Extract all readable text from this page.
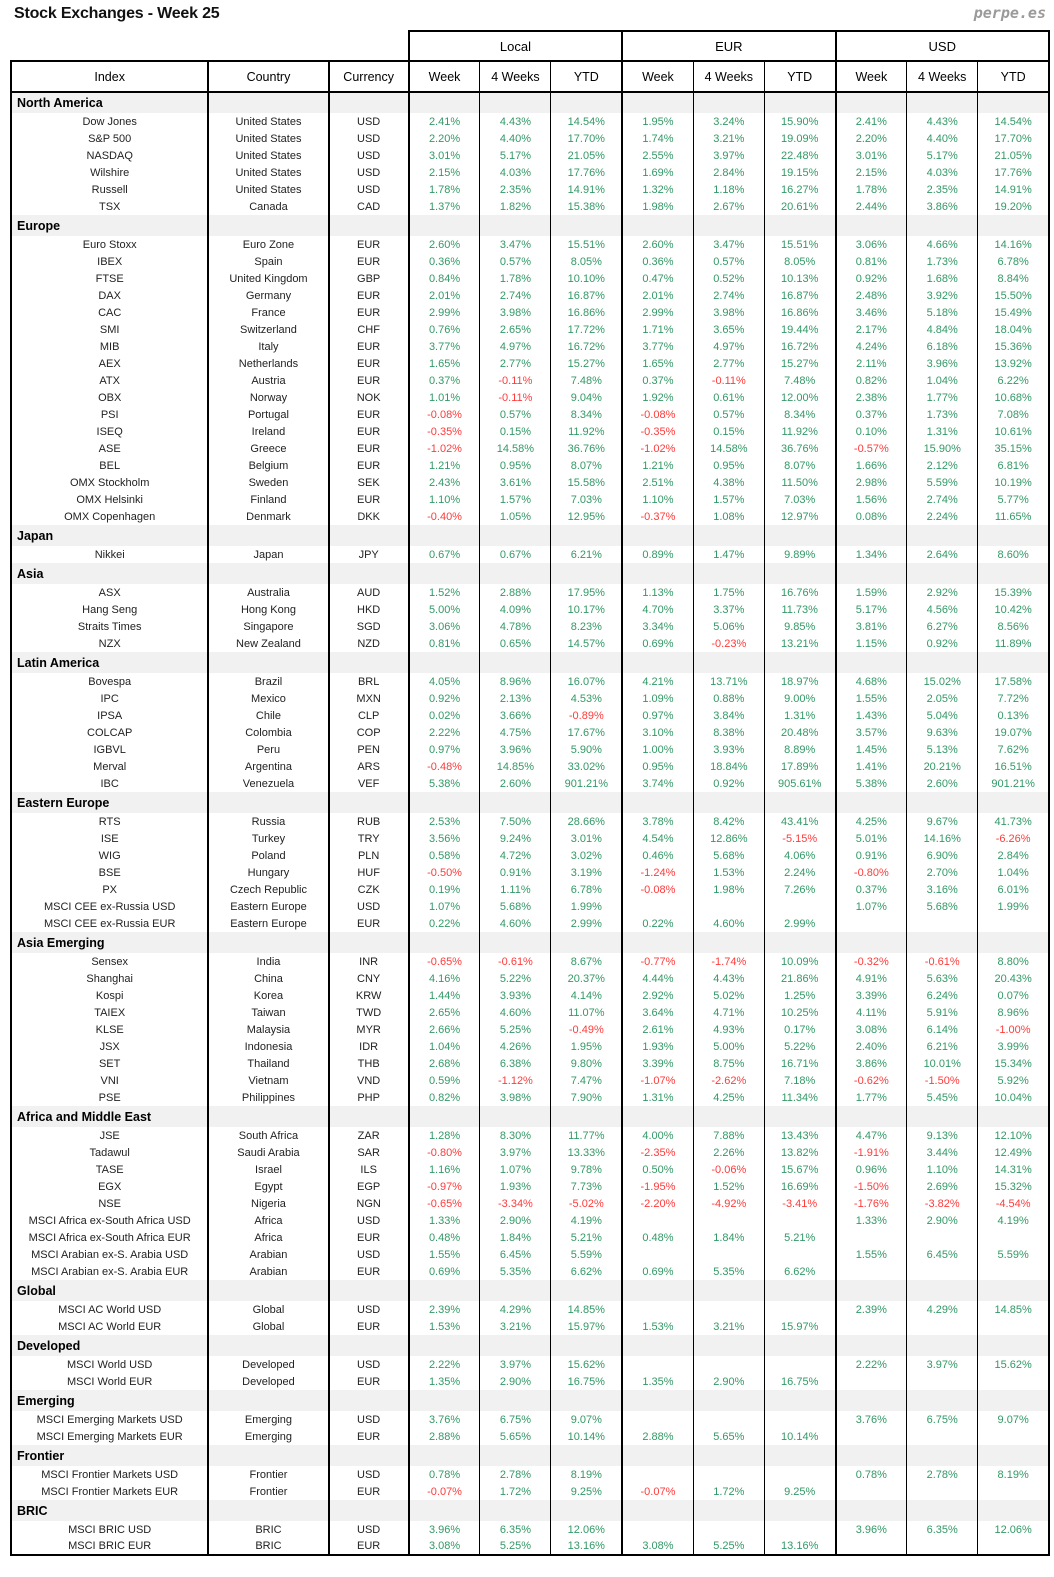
Stock Exchanges - Week 25	perpe.es
			Local			EUR			USD		
Index	Country	Currency	Week	4 Weeks	YTD	Week	4 Weeks	YTD	Week	4 Weeks	YTD
North America											
Dow Jones	United States	USD	2.41%	4.43%	14.54%	1.95%	3.24%	15.90%	2.41%	4.43%	14.54%
S&P 500	United States	USD	2.20%	4.40%	17.70%	1.74%	3.21%	19.09%	2.20%	4.40%	17.70%
NASDAQ	United States	USD	3.01%	5.17%	21.05%	2.55%	3.97%	22.48%	3.01%	5.17%	21.05%
Wilshire	United States	USD	2.15%	4.03%	17.76%	1.69%	2.84%	19.15%	2.15%	4.03%	17.76%
Russell	United States	USD	1.78%	2.35%	14.91%	1.32%	1.18%	16.27%	1.78%	2.35%	14.91%
TSX	Canada	CAD	1.37%	1.82%	15.38%	1.98%	2.67%	20.61%	2.44%	3.86%	19.20%
Europe											
Euro Stoxx	Euro Zone	EUR	2.60%	3.47%	15.51%	2.60%	3.47%	15.51%	3.06%	4.66%	14.16%
IBEX	Spain	EUR	0.36%	0.57%	8.05%	0.36%	0.57%	8.05%	0.81%	1.73%	6.78%
FTSE	United Kingdom	GBP	0.84%	1.78%	10.10%	0.47%	0.52%	10.13%	0.92%	1.68%	8.84%
DAX	Germany	EUR	2.01%	2.74%	16.87%	2.01%	2.74%	16.87%	2.48%	3.92%	15.50%
CAC	France	EUR	2.99%	3.98%	16.86%	2.99%	3.98%	16.86%	3.46%	5.18%	15.49%
SMI	Switzerland	CHF	0.76%	2.65%	17.72%	1.71%	3.65%	19.44%	2.17%	4.84%	18.04%
MIB	Italy	EUR	3.77%	4.97%	16.72%	3.77%	4.97%	16.72%	4.24%	6.18%	15.36%
AEX	Netherlands	EUR	1.65%	2.77%	15.27%	1.65%	2.77%	15.27%	2.11%	3.96%	13.92%
ATX	Austria	EUR	0.37%	-0.11%	7.48%	0.37%	-0.11%	7.48%	0.82%	1.04%	6.22%
OBX	Norway	NOK	1.01%	-0.11%	9.04%	1.92%	0.61%	12.00%	2.38%	1.77%	10.68%
PSI	Portugal	EUR	-0.08%	0.57%	8.34%	-0.08%	0.57%	8.34%	0.37%	1.73%	7.08%
ISEQ	Ireland	EUR	-0.35%	0.15%	11.92%	-0.35%	0.15%	11.92%	0.10%	1.31%	10.61%
ASE	Greece	EUR	-1.02%	14.58%	36.76%	-1.02%	14.58%	36.76%	-0.57%	15.90%	35.15%
BEL	Belgium	EUR	1.21%	0.95%	8.07%	1.21%	0.95%	8.07%	1.66%	2.12%	6.81%
OMX Stockholm	Sweden	SEK	2.43%	3.61%	15.58%	2.51%	4.38%	11.50%	2.98%	5.59%	10.19%
OMX Helsinki	Finland	EUR	1.10%	1.57%	7.03%	1.10%	1.57%	7.03%	1.56%	2.74%	5.77%
OMX Copenhagen	Denmark	DKK	-0.40%	1.05%	12.95%	-0.37%	1.08%	12.97%	0.08%	2.24%	11.65%
Japan											
Nikkei	Japan	JPY	0.67%	0.67%	6.21%	0.89%	1.47%	9.89%	1.34%	2.64%	8.60%
Asia											
ASX	Australia	AUD	1.52%	2.88%	17.95%	1.13%	1.75%	16.76%	1.59%	2.92%	15.39%
Hang Seng	Hong Kong	HKD	5.00%	4.09%	10.17%	4.70%	3.37%	11.73%	5.17%	4.56%	10.42%
Straits Times	Singapore	SGD	3.06%	4.78%	8.23%	3.34%	5.06%	9.85%	3.81%	6.27%	8.56%
NZX	New Zealand	NZD	0.81%	0.65%	14.57%	0.69%	-0.23%	13.21%	1.15%	0.92%	11.89%
Latin America											
Bovespa	Brazil	BRL	4.05%	8.96%	16.07%	4.21%	13.71%	18.97%	4.68%	15.02%	17.58%
IPC	Mexico	MXN	0.92%	2.13%	4.53%	1.09%	0.88%	9.00%	1.55%	2.05%	7.72%
IPSA	Chile	CLP	0.02%	3.66%	-0.89%	0.97%	3.84%	1.31%	1.43%	5.04%	0.13%
COLCAP	Colombia	COP	2.22%	4.75%	17.67%	3.10%	8.38%	20.48%	3.57%	9.63%	19.07%
IGBVL	Peru	PEN	0.97%	3.96%	5.90%	1.00%	3.93%	8.89%	1.45%	5.13%	7.62%
Merval	Argentina	ARS	-0.48%	14.85%	33.02%	0.95%	18.84%	17.89%	1.41%	20.21%	16.51%
IBC	Venezuela	VEF	5.38%	2.60%	901.21%	3.74%	0.92%	905.61%	5.38%	2.60%	901.21%
Eastern Europe											
RTS	Russia	RUB	2.53%	7.50%	28.66%	3.78%	8.42%	43.41%	4.25%	9.67%	41.73%
ISE	Turkey	TRY	3.56%	9.24%	3.01%	4.54%	12.86%	-5.15%	5.01%	14.16%	-6.26%
WIG	Poland	PLN	0.58%	4.72%	3.02%	0.46%	5.68%	4.06%	0.91%	6.90%	2.84%
BSE	Hungary	HUF	-0.50%	0.91%	3.19%	-1.24%	1.53%	2.24%	-0.80%	2.70%	1.04%
PX	Czech Republic	CZK	0.19%	1.11%	6.78%	-0.08%	1.98%	7.26%	0.37%	3.16%	6.01%
MSCI CEE ex-Russia USD	Eastern Europe	USD	1.07%	5.68%	1.99%				1.07%	5.68%	1.99%
MSCI CEE ex-Russia EUR	Eastern Europe	EUR	0.22%	4.60%	2.99%	0.22%	4.60%	2.99%			
Asia Emerging											
Sensex	India	INR	-0.65%	-0.61%	8.67%	-0.77%	-1.74%	10.09%	-0.32%	-0.61%	8.80%
Shanghai	China	CNY	4.16%	5.22%	20.37%	4.44%	4.43%	21.86%	4.91%	5.63%	20.43%
Kospi	Korea	KRW	1.44%	3.93%	4.14%	2.92%	5.02%	1.25%	3.39%	6.24%	0.07%
TAIEX	Taiwan	TWD	2.65%	4.60%	11.07%	3.64%	4.71%	10.25%	4.11%	5.91%	8.96%
KLSE	Malaysia	MYR	2.66%	5.25%	-0.49%	2.61%	4.93%	0.17%	3.08%	6.14%	-1.00%
JSX	Indonesia	IDR	1.04%	4.26%	1.95%	1.93%	5.00%	5.22%	2.40%	6.21%	3.99%
SET	Thailand	THB	2.68%	6.38%	9.80%	3.39%	8.75%	16.71%	3.86%	10.01%	15.34%
VNI	Vietnam	VND	0.59%	-1.12%	7.47%	-1.07%	-2.62%	7.18%	-0.62%	-1.50%	5.92%
PSE	Philippines	PHP	0.82%	3.98%	7.90%	1.31%	4.25%	11.34%	1.77%	5.45%	10.04%
Africa and Middle East											
JSE	South Africa	ZAR	1.28%	8.30%	11.77%	4.00%	7.88%	13.43%	4.47%	9.13%	12.10%
Tadawul	Saudi Arabia	SAR	-0.80%	3.97%	13.33%	-2.35%	2.26%	13.82%	-1.91%	3.44%	12.49%
TASE	Israel	ILS	1.16%	1.07%	9.78%	0.50%	-0.06%	15.67%	0.96%	1.10%	14.31%
EGX	Egypt	EGP	-0.97%	1.93%	7.73%	-1.95%	1.52%	16.69%	-1.50%	2.69%	15.32%
NSE	Nigeria	NGN	-0.65%	-3.34%	-5.02%	-2.20%	-4.92%	-3.41%	-1.76%	-3.82%	-4.54%
MSCI Africa ex-South Africa USD	Africa	USD	1.33%	2.90%	4.19%				1.33%	2.90%	4.19%
MSCI Africa ex-South Africa EUR	Africa	EUR	0.48%	1.84%	5.21%	0.48%	1.84%	5.21%			
MSCI Arabian ex-S. Arabia USD	Arabian	USD	1.55%	6.45%	5.59%				1.55%	6.45%	5.59%
MSCI Arabian ex-S. Arabia EUR	Arabian	EUR	0.69%	5.35%	6.62%	0.69%	5.35%	6.62%			
Global											
MSCI AC World USD	Global	USD	2.39%	4.29%	14.85%				2.39%	4.29%	14.85%
MSCI AC World EUR	Global	EUR	1.53%	3.21%	15.97%	1.53%	3.21%	15.97%			
Developed											
MSCI World USD	Developed	USD	2.22%	3.97%	15.62%				2.22%	3.97%	15.62%
MSCI World EUR	Developed	EUR	1.35%	2.90%	16.75%	1.35%	2.90%	16.75%			
Emerging											
MSCI Emerging Markets USD	Emerging	USD	3.76%	6.75%	9.07%				3.76%	6.75%	9.07%
MSCI Emerging Markets EUR	Emerging	EUR	2.88%	5.65%	10.14%	2.88%	5.65%	10.14%			
Frontier											
MSCI Frontier Markets USD	Frontier	USD	0.78%	2.78%	8.19%				0.78%	2.78%	8.19%
MSCI Frontier Markets EUR	Frontier	EUR	-0.07%	1.72%	9.25%	-0.07%	1.72%	9.25%			
BRIC											
MSCI BRIC USD	BRIC	USD	3.96%	6.35%	12.06%				3.96%	6.35%	12.06%
MSCI BRIC EUR	BRIC	EUR	3.08%	5.25%	13.16%	3.08%	5.25%	13.16%			
